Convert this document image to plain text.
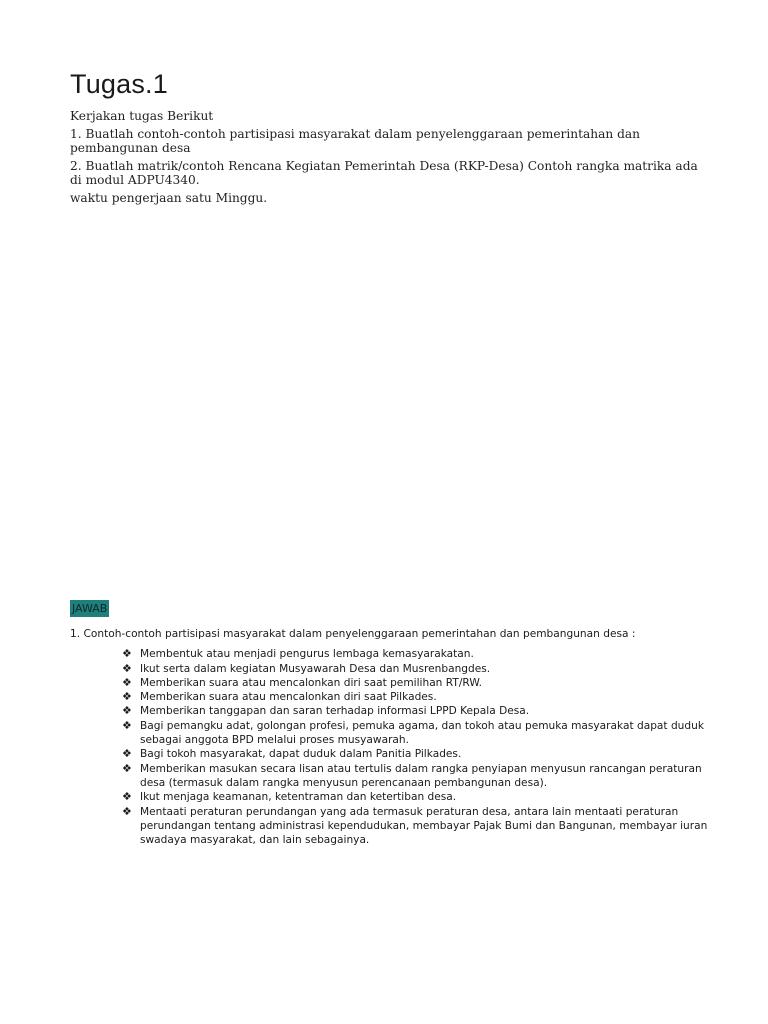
Tugas.1

Kerjakan tugas Berikut

1. Buatlah contoh-contoh partisipasi masyarakat dalam penyelenggaraan pemerintahan dan pembangunan desa

2. Buatlah matrik/contoh Rencana Kegiatan Pemerintah Desa (RKP-Desa) Contoh rangka matrika ada di modul ADPU4340.

waktu pengerjaan satu Minggu.

JAWAB

1. Contoh-contoh partisipasi masyarakat dalam penyelenggaraan pemerintahan dan pembangunan desa :

❖ Membentuk atau menjadi pengurus lembaga kemasyarakatan.
❖ Ikut serta dalam kegiatan Musyawarah Desa dan Musrenbangdes.
❖ Memberikan suara atau mencalonkan diri saat pemilihan RT/RW.
❖ Memberikan suara atau mencalonkan diri saat Pilkades.
❖ Memberikan tanggapan dan saran terhadap informasi LPPD Kepala Desa.
❖ Bagi pemangku adat, golongan profesi, pemuka agama, dan tokoh atau pemuka masyarakat dapat duduk sebagai anggota BPD melalui proses musyawarah.
❖ Bagi tokoh masyarakat, dapat duduk dalam Panitia Pilkades.
❖ Memberikan masukan secara lisan atau tertulis dalam rangka penyiapan menyusun rancangan peraturan desa (termasuk dalam rangka menyusun perencanaan pembangunan desa).
❖ Ikut menjaga keamanan, ketentraman dan ketertiban desa.
❖ Mentaati peraturan perundangan yang ada termasuk peraturan desa, antara lain mentaati peraturan perundangan tentang administrasi kependudukan, membayar Pajak Bumi dan Bangunan, membayar iuran swadaya masyarakat, dan lain sebagainya.
